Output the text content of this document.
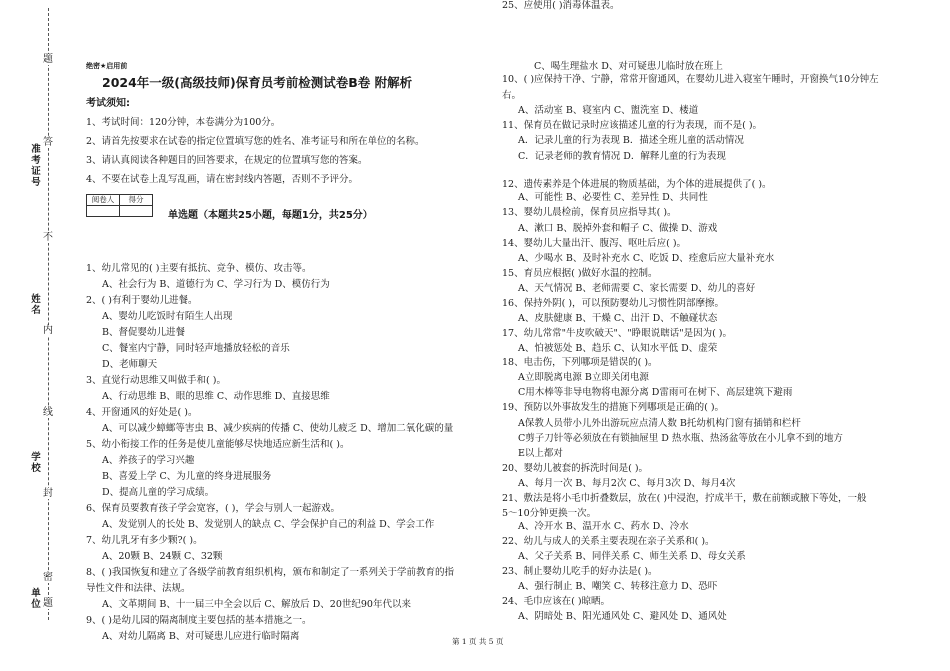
题
答
不
内
线
封
密
题
准考证号
姓名
学校
单位
绝密★启用前
2024年一级(高级技师)保育员考前检测试卷B卷 附解析
考试须知:
1、考试时间：120分钟，本卷满分为100分。
2、请首先按要求在试卷的指定位置填写您的姓名、准考证号和所在单位的名称。
3、请认真阅读各种题目的回答要求，在规定的位置填写您的答案。
4、不要在试卷上乱写乱画，请在密封线内答题，否则不予评分。
阅卷人	得分

单选题（本题共25小题，每题1分，共25分）
1、幼儿常见的( )主要有抵抗、竞争、模仿、攻击等。
A、社会行为 B、道德行为 C、学习行为 D、模仿行为
2、( )有利于婴幼儿进餐。
A、婴幼儿吃饭时有陌生人出现
B、督促婴幼儿进餐
C、餐室内宁静，同时轻声地播放轻松的音乐
D、老师聊天
3、直觉行动思维又叫做手和( )。
A、行动思维 B、眼的思维 C、动作思维 D、直接思维
4、开窗通风的好处是( )。
A、可以减少蟑螂等害虫 B、减少疾病的传播 C、使幼儿疲乏 D、增加二氧化碳的量
5、幼小衔接工作的任务是使儿童能够尽快地适应新生活和( )。
A、养孩子的学习兴趣
B、喜爱上学 C、为儿童的终身进展服务
D、提高儿童的学习成绩。
6、保育员要教育孩子学会宽容，( )，学会与别人一起游戏。
A、发觉别人的长处 B、发觉别人的缺点 C、学会保护自己的利益 D、学会工作
7、幼儿乳牙有多少颗?( )。
A、20颗 B、24颗 C、32颗
8、( )我国恢复和建立了各级学前教育组织机构，颁布和制定了一系列关于学前教育的指
导性文件和法律、法规。
A、文革期间 B、十一届三中全会以后 C、解放后 D、20世纪90年代以来
9、( )是幼儿园的隔离制度主要包括的基本措施之一。
A、对幼儿隔离 B、对可疑患儿应进行临时隔离
C、喝生理盐水 D、对可疑患儿临时放在班上
10、( )应保持干净、宁静，常常开窗通风，在婴幼儿进入寝室午睡时，开窗换气10分钟左
右。
A、活动室 B、寝室内 C、盥洗室 D、楼道
11、保育员在做记录时应该描述儿童的行为表现，而不是( )。
A．记录儿童的行为表现 B．描述全班儿童的活动情况
C．记录老师的教育情况 D．解释儿童的行为表现
12、遗传素养是个体进展的物质基础，为个体的进展提供了( )。
A、可能性 B、必要性 C、差异性 D、共同性
13、婴幼儿晨检前，保育员应指导其( )。
A、漱口 B、脱掉外套和帽子 C、做操 D、游戏
14、婴幼儿大量出汗、腹泻、呕吐后应( )。
A、少喝水 B、及时补充水 C、吃饭 D、痊愈后应大量补充水
15、育员应根据( )做好水温的控制。
A、天气情况 B、老师需要 C、家长需要 D、幼儿的喜好
16、保持外阴( )，可以预防婴幼儿习惯性阴部摩擦。
A、皮肤健康 B、干燥 C、出汗 D、不触碰状态
17、幼儿常常"牛皮吹破天"、"睁眼说瞎话"是因为( )。
A、怕被惩处 B、趋乐 C、认知水平低 D、虚荣
18、电击伤，下列哪项是错误的( )。
A立即脱离电源 B立即关闭电源
C用木棒等非导电物将电源分离 D雷雨可在树下、高层建筑下避雨
19、预防以外事故发生的措施下列哪项是正确的( )。
A保教人员带小儿外出游玩应点清人数 B托幼机构门窗有插销和栏杆
C剪子刀针等必须放在有锁抽屉里 D 热水瓶、热汤盆等放在小儿拿不到的地方
E以上都对
20、婴幼儿被套的拆洗时间是( )。
A、每月一次 B、每月2次 C、每月3次 D、每月4次
21、敷法是将小毛巾折叠数层，放在( )中浸泡，拧成半干，敷在前额或腋下等处，一般
5～10分钟更换一次。
A、冷开水 B、温开水 C、药水 D、冷水
22、幼儿与成人的关系主要表现在亲子关系和( )。
A、父子关系 B、同伴关系 C、师生关系 D、母女关系
23、制止婴幼儿吃手的好办法是( )。
A、强行制止 B、嘲笑 C、转移注意力 D、恐吓
24、毛巾应该在( )晾晒。
A、阴暗处 B、阳光通风处 C、避风处 D、通风处
25、应使用( )消毒体温表。
第 1 页 共 5 页
